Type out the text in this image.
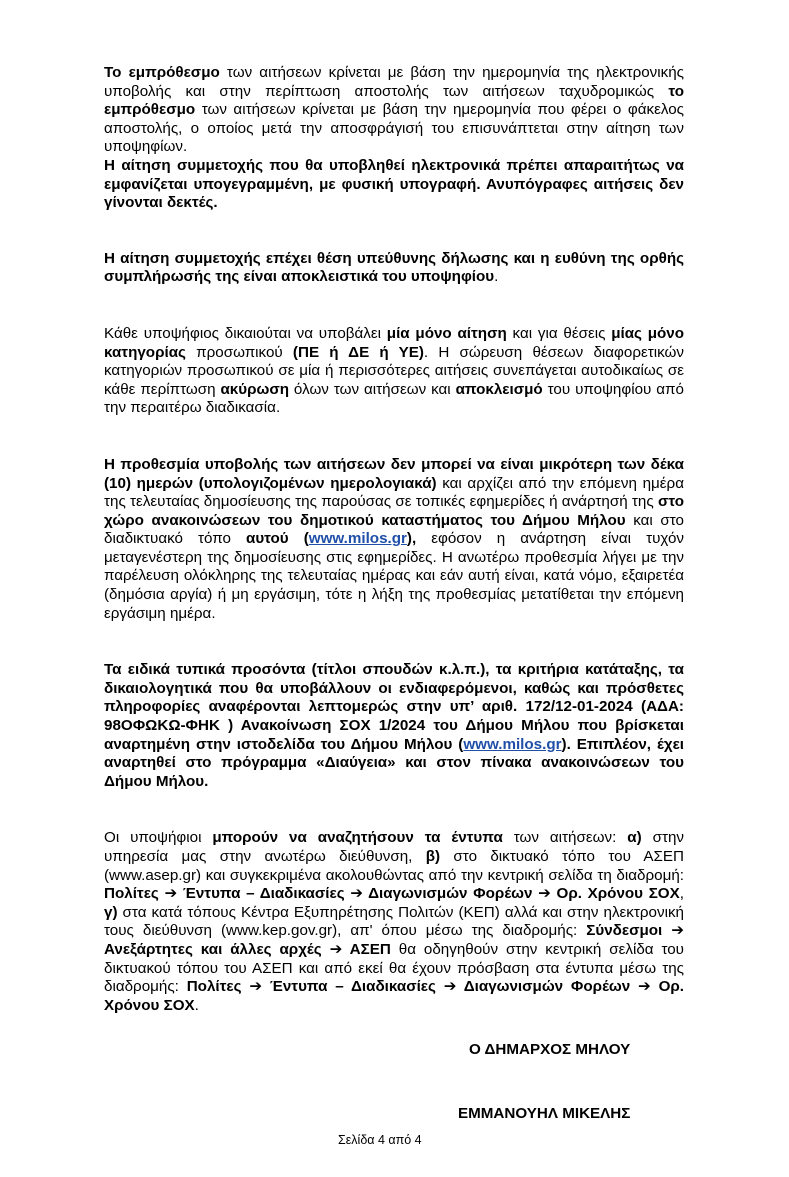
Το εμπρόθεσμο των αιτήσεων κρίνεται με βάση την ημερομηνία της ηλεκτρονικής υποβολής και στην περίπτωση αποστολής των αιτήσεων ταχυδρομικώς το εμπρόθεσμο των αιτήσεων κρίνεται με βάση την ημερομηνία που φέρει ο φάκελος αποστολής, ο οποίος μετά την αποσφράγισή του επισυνάπτεται στην αίτηση των υποψηφίων.

Η αίτηση συμμετοχής που θα υποβληθεί ηλεκτρονικά πρέπει απαραιτήτως να εμφανίζεται υπογεγραμμένη, με φυσική υπογραφή. Ανυπόγραφες αιτήσεις δεν γίνονται δεκτές.

Η αίτηση συμμετοχής επέχει θέση υπεύθυνης δήλωσης και η ευθύνη της ορθής συμπλήρωσής της είναι αποκλειστικά του υποψηφίου.

Κάθε υποψήφιος δικαιούται να υποβάλει μία μόνο αίτηση και για θέσεις μίας μόνο κατηγορίας προσωπικού (ΠΕ ή ΔΕ ή ΥΕ). Η σώρευση θέσεων διαφορετικών κατηγοριών προσωπικού σε μία ή περισσότερες αιτήσεις συνεπάγεται αυτοδικαίως σε κάθε περίπτωση ακύρωση όλων των αιτήσεων και αποκλεισμό του υποψηφίου από την περαιτέρω διαδικασία.

Η προθεσμία υποβολής των αιτήσεων δεν μπορεί να είναι μικρότερη των δέκα (10) ημερών (υπολογιζομένων ημερολογιακά) και αρχίζει από την επόμενη ημέρα της τελευταίας δημοσίευσης της παρούσας σε τοπικές εφημερίδες ή ανάρτησή της στο χώρο ανακοινώσεων του δημοτικού καταστήματος του Δήμου Μήλου και στο διαδικτυακό τόπο αυτού (www.milos.gr), εφόσον η ανάρτηση είναι τυχόν μεταγενέστερη της δημοσίευσης στις εφημερίδες. Η ανωτέρω προθεσμία λήγει με την παρέλευση ολόκληρης της τελευταίας ημέρας και εάν αυτή είναι, κατά νόμο, εξαιρετέα (δημόσια αργία) ή μη εργάσιμη, τότε η λήξη της προθεσμίας μετατίθεται την επόμενη εργάσιμη ημέρα.

Τα ειδικά τυπικά προσόντα (τίτλοι σπουδών κ.λ.π.), τα κριτήρια κατάταξης, τα δικαιολογητικά που θα υποβάλλουν οι ενδιαφερόμενοι, καθώς και πρόσθετες πληροφορίες αναφέρονται λεπτομερώς στην υπ’ αριθ. 172/12-01-2024 (ΑΔΑ: 98ΟΦΩΚΩ-ΦΗΚ ) Ανακοίνωση ΣΟΧ 1/2024 του Δήμου Μήλου που βρίσκεται αναρτημένη στην ιστοδελίδα του Δήμου Μήλου (www.milos.gr). Επιπλέον, έχει αναρτηθεί στο πρόγραμμα «Διαύγεια» και στον πίνακα ανακοινώσεων του Δήμου Μήλου.

Οι υποψήφιοι μπορούν να αναζητήσουν τα έντυπα των αιτήσεων: α) στην υπηρεσία μας στην ανωτέρω διεύθυνση, β) στο δικτυακό τόπο του ΑΣΕΠ (www.asep.gr) και συγκεκριμένα ακολουθώντας από την κεντρική σελίδα τη διαδρομή: Πολίτες ➔ Έντυπα – Διαδικασίες ➔ Διαγωνισμών Φορέων ➔ Ορ. Χρόνου ΣΟΧ, γ) στα κατά τόπους Κέντρα Εξυπηρέτησης Πολιτών (ΚΕΠ) αλλά και στην ηλεκτρονική τους διεύθυνση (www.kep.gov.gr), απ' όπου μέσω της διαδρομής: Σύνδεσμοι ➔ Ανεξάρτητες και άλλες αρχές ➔ ΑΣΕΠ θα οδηγηθούν στην κεντρική σελίδα του δικτυακού τόπου του ΑΣΕΠ και από εκεί θα έχουν πρόσβαση στα έντυπα μέσω της διαδρομής: Πολίτες ➔ Έντυπα – Διαδικασίες ➔ Διαγωνισμών Φορέων ➔ Ορ. Χρόνου ΣΟΧ.

Ο ΔΗΜΑΡΧΟΣ ΜΗΛΟΥ
ΕΜΜΑΝΟΥΗΛ ΜΙΚΕΛΗΣ
Σελίδα 4 από 4
